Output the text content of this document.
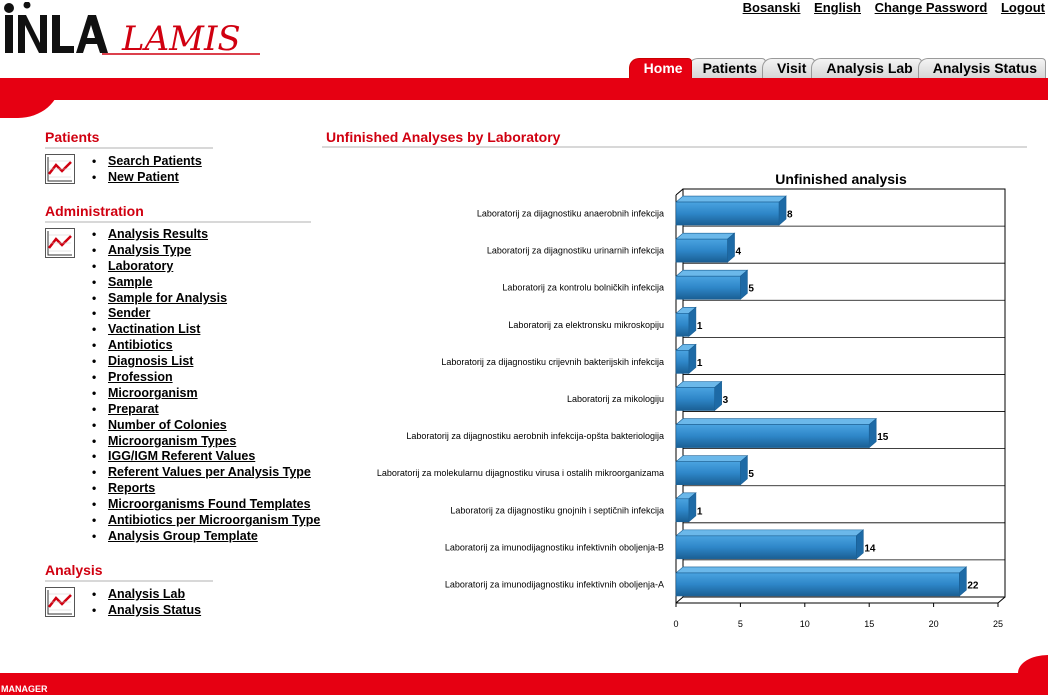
LAMIS
Bosanski English Change Password Logout
Home	Patients	Visit	Analysis Lab	Analysis Status
Patients
• Search Patients
• New Patient
Administration
• Analysis Results
• Analysis Type
• Laboratory
• Sample
• Sample for Analysis
• Sender
• Vactination List
• Antibiotics
• Diagnosis List
• Profession
• Microorganism
• Preparat
• Number of Colonies
• Microorganism Types
• IGG/IGM Referent Values
• Referent Values per Analysis Type
• Reports
• Microorganisms Found Templates
• Antibiotics per Microorganism Type
• Analysis Group Template
Analysis
• Analysis Lab
• Analysis Status
Unfinished Analyses by Laboratory
Unfinished analysis
8
Laboratorij za dijagnostiku anaerobnih infekcija
4
Laboratorij za dijagnostiku urinarnih infekcija
5
Laboratorij za kontrolu bolničkih infekcija
1
Laboratorij za elektronsku mikroskopiju
1
Laboratorij za dijagnostiku crijevnih bakterijskih infekcija
3
Laboratorij za mikologiju
15
Laboratorij za dijagnostiku aerobnih infekcija-opšta bakteriologija
5
Laboratorij za molekularnu dijagnostiku virusa i ostalih mikroorganizama
1
Laboratorij za dijagnostiku gnojnih i septičnih infekcija
14
Laboratorij za imunodijagnostiku infektivnih obolјenja-B
22
Laboratorij za imunodijagnostiku infektivnih obolјenja-A
0	5	10	15	20	25
MANAGER
